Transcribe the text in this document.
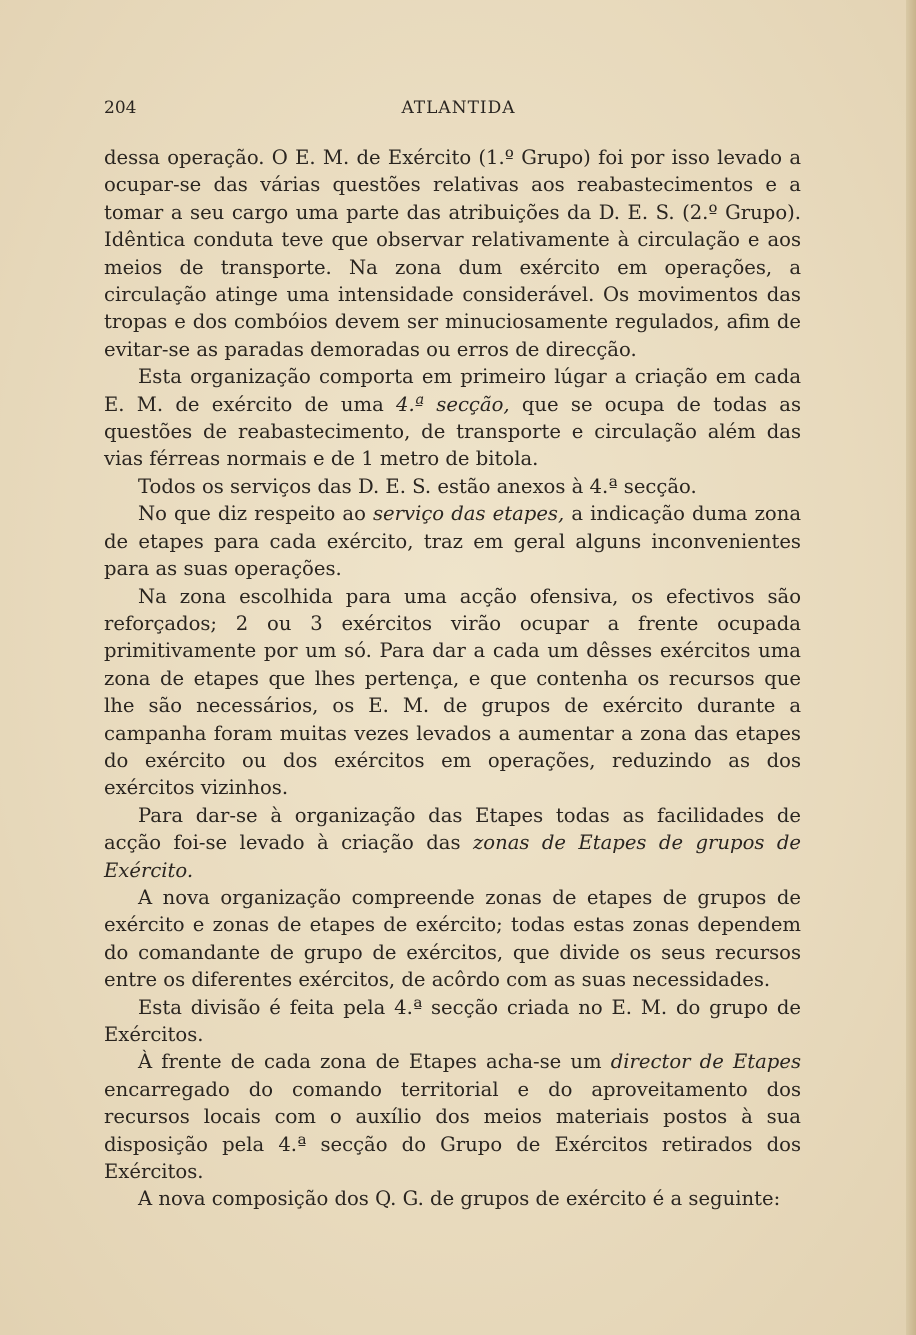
204	ATLANTIDA

dessa operação. O E. M. de Exército (1.º Grupo) foi por isso levado a ocupar-se das várias questões relativas aos reabastecimentos e a tomar a seu cargo uma parte das atribuições da D. E. S. (2.º Grupo). Idêntica conduta teve que observar relativamente à circulação e aos meios de transporte. Na zona dum exército em operações, a circulação atinge uma intensidade considerável. Os movimentos das tropas e dos combóios devem ser minuciosamente regulados, afim de evitar-se as paradas demoradas ou erros de direcção.

Esta organização comporta em primeiro lúgar a criação em cada E. M. de exército de uma 4.ª secção, que se ocupa de todas as questões de reabastecimento, de transporte e circulação além das vias férreas normais e de 1 metro de bitola.

Todos os serviços das D. E. S. estão anexos à 4.ª secção.

No que diz respeito ao serviço das etapes, a indicação duma zona de etapes para cada exército, traz em geral alguns inconvenientes para as suas operações.

Na zona escolhida para uma acção ofensiva, os efectivos são reforçados; 2 ou 3 exércitos virão ocupar a frente ocupada primitivamente por um só. Para dar a cada um dêsses exércitos uma zona de etapes que lhes pertença, e que contenha os recursos que lhe são necessários, os E. M. de grupos de exército durante a campanha foram muitas vezes levados a aumentar a zona das etapes do exército ou dos exércitos em operações, reduzindo as dos exércitos vizinhos.

Para dar-se à organização das Etapes todas as facilidades de acção foi-se levado à criação das zonas de Etapes de grupos de Exército.

A nova organização compreende zonas de etapes de grupos de exército e zonas de etapes de exército; todas estas zonas dependem do comandante de grupo de exércitos, que divide os seus recursos entre os diferentes exércitos, de acôrdo com as suas necessidades.

Esta divisão é feita pela 4.ª secção criada no E. M. do grupo de Exércitos.

À frente de cada zona de Etapes acha-se um director de Etapes encarregado do comando territorial e do aproveitamento dos recursos locais com o auxílio dos meios materiais postos à sua disposição pela 4.ª secção do Grupo de Exércitos retirados dos Exércitos.

A nova composição dos Q. G. de grupos de exército é a seguinte:
